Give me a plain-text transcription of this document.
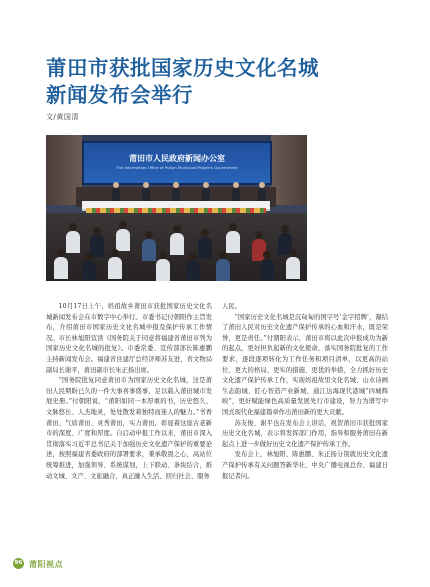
莆田市获批国家历史文化名城
新闻发布会举行
文/黄国清
莆田市人民政府新闻办公室
The Information Office of Putian Municipal People's Government

10月17日上午，妈祖故乡莆田市获批国家历史文化名城新闻发布会在市数字中心举行。市委书记付朝阳作主旨发布，介绍莆田市国家历史文化名城申报及保护传承工作情况。市长林旭阳宣读《国务院关于同意将福建省莆田市列为国家历史文化名城的批复》。市委常委、宣传部部长陈惠鹏主持新闻发布会。福建省住建厅总经济师苏友进，省文物局副局长谢平，莆田副市长朱正扬出席。

“国务院批复同意莆田市为国家历史文化名城，这是莆田人民期盼已久的一件大事喜事盛事，足以载入莆田城市发展史册。”付朝阳说，“莆阳如同一本厚重的书，历史悠久、文脉悠长、人杰地灵，处处散发着独特而迷人的魅力。”书香莆田、气质莆田、灵秀莆田，实力莆田，彰显着这座古老新市的深度、广度和厚度。自启动申报工作以来，莆田市深入贯彻落实习近平总书记关于加强历史文化遗产保护的重要论述，按照福建省委政府的部署要求，秉承敬畏之心，高站位统筹推进，加强领导、系统谋划，上下联动、条块结合，推动文城、文产、文旅融合，真正融入生活、回归社会、服务

人民。

“国家历史文化名城是沉甸甸的国字号‘金字招牌’，凝结了莆田人民对历史文化遗产保护传承的心血和汗水，既是荣誉，更是责任。”付朝阳表示，莆田市将以此次申报成功为新的起点，更好担负起新的文化使命，落实国务院批复的工作要求，逐段逐项转化为工作任务和项目清单，以更高的站位、更大的格局、更实的措施、更优的举措，全力抓好历史文化遗产保护传承工作，实现妈祖故里文化名城、山水诗画生态韵城、匠心智造产业新城、通江达海现代港城“四城辉映”，更好赋能绿色高质量发展先行市建设，努力为谱写中国式现代化福建篇章作出莆田新的更大贡献。

苏友俊、谢平也在发布会上讲话，祝贺莆田市获批国家历史文化名城，表示将发挥部门作用，指导和服务莆田在新起点上进一步做好历史文化遗产保护传承工作。

发布会上，林旭阳、陈惠鹏、朱正扬分别就历史文化遗产保护传承有关问题答新华社、中央广播电视总台、福建日报记者问。

96 莆阳视点
